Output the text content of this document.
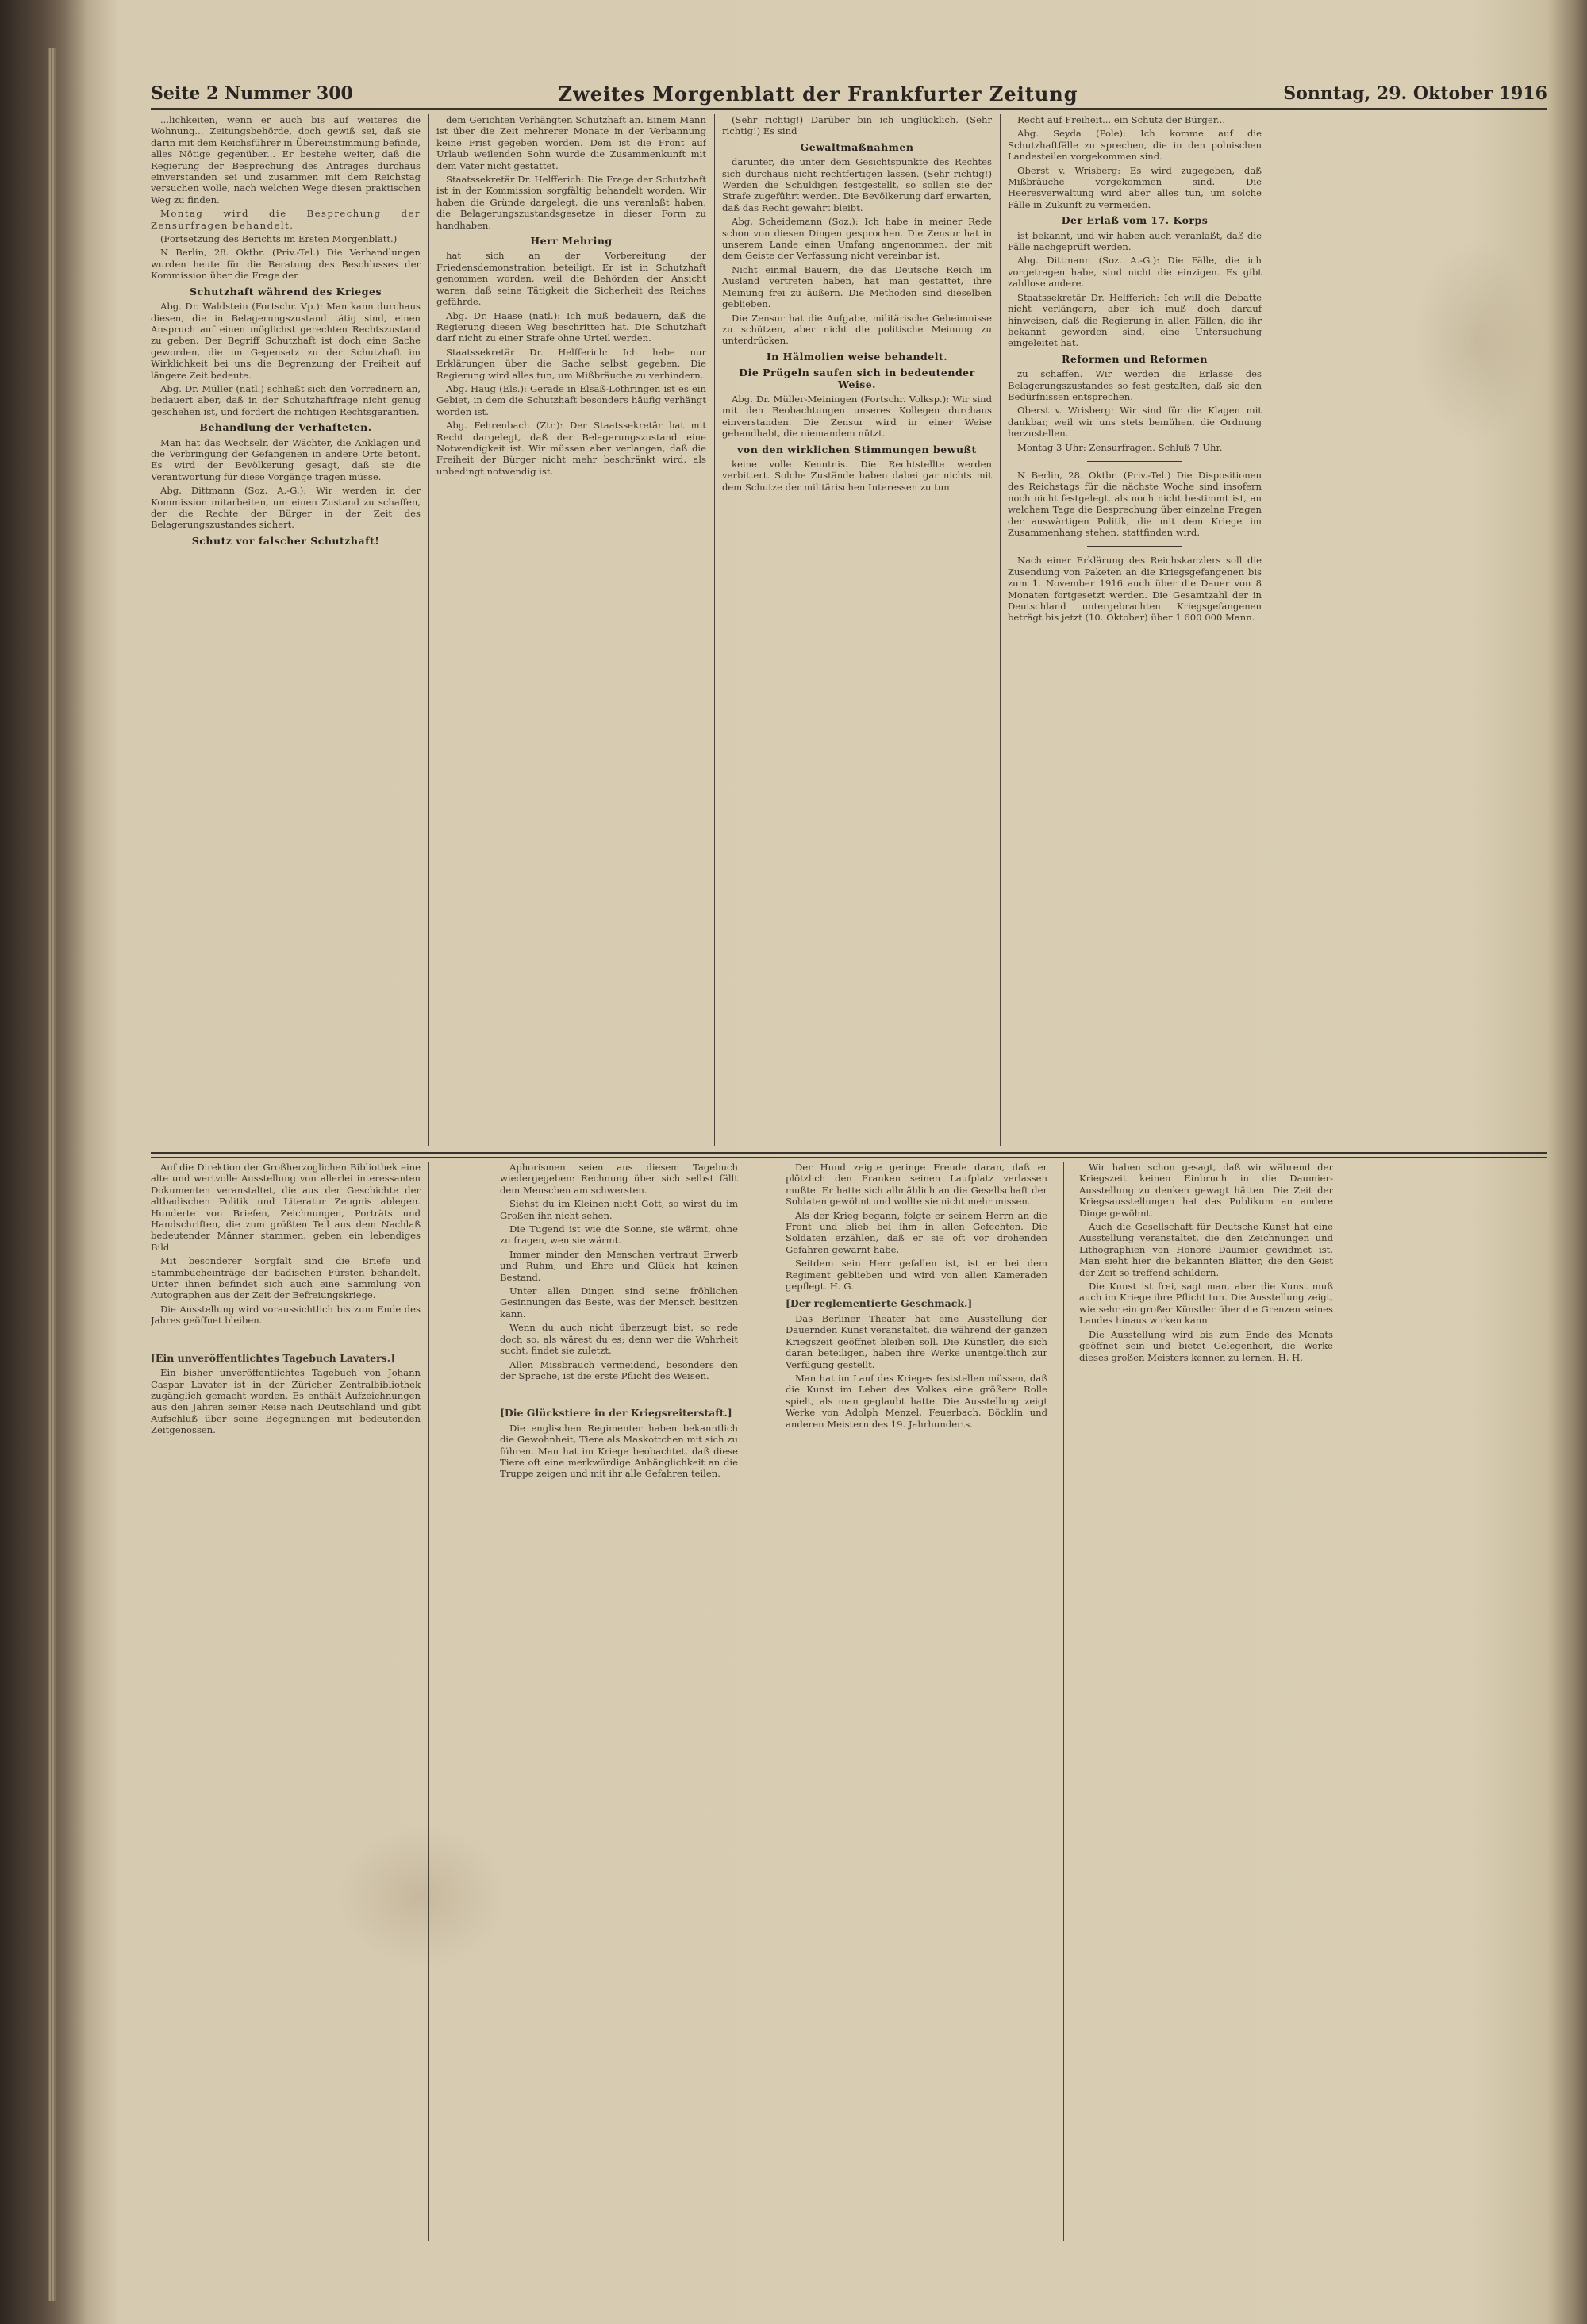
Seite 2 Nummer 300	Zweites Morgenblatt der Frankfurter Zeitung	Sonntag, 29. Oktober 1916

...lichkeiten, wenn er auch bis auf weiteres die Wohnung... Zeitungsbehörde, doch gewiß sei, daß sie darin mit dem Reichsführer in Übereinstimmung befinde, alles Nötige gegenüber... Er bestehe weiter, daß die Regierung der Besprechung des Antrages durchaus einverstanden sei und zusammen mit dem Reichstag versuchen wolle, nach welchen Wege diesen praktischen Weg zu finden.

Montag wird die Besprechung der Zensurfragen behandelt.

(Fortsetzung des Berichts im Ersten Morgenblatt.)

N Berlin, 28. Oktbr. (Priv.-Tel.) Die Verhandlungen wurden heute für die Beratung des Beschlusses der Kommission über die Frage der

Schutzhaft während des Krieges

Abg. Dr. Waldstein (Fortschr. Vp.): Man kann durchaus diesen, die in Belagerungszustand tätig sind, einen Anspruch auf einen möglichst gerechten Rechtszustand zu geben. Der Begriff Schutzhaft ist doch eine Sache geworden, die im Gegensatz zu der Schutzhaft im Wirklichkeit bei uns die Begrenzung der Freiheit auf längere Zeit bedeute.

Abg. Dr. Müller (natl.) schließt sich den Vorrednern an, bedauert aber, daß in der Schutzhaftfrage nicht genug geschehen ist, und fordert die richtigen Rechtsgarantien.

Behandlung der Verhafteten.

Man hat das Wechseln der Wächter, die Anklagen und die Verbringung der Gefangenen in andere Orte betont. Es wird der Bevölkerung gesagt, daß sie die Verantwortung für diese Vorgänge tragen müsse.

Abg. Dittmann (Soz. A.-G.): Wir werden in der Kommission mitarbeiten, um einen Zustand zu schaffen, der die Rechte der Bürger in der Zeit des Belagerungszustandes sichert.

Schutz vor falscher Schutzhaft!

dem Gerichten Verhängten Schutzhaft an. Einem Mann ist über die Zeit mehrerer Monate in der Verbannung keine Frist gegeben worden. Dem ist die Front auf Urlaub weilenden Sohn wurde die Zusammenkunft mit dem Vater nicht gestattet.

Staatssekretär Dr. Helfferich: Die Frage der Schutzhaft ist in der Kommission sorgfältig behandelt worden. Wir haben die Gründe dargelegt, die uns veranlaßt haben, die Belagerungszustandsgesetze in dieser Form zu handhaben.

Herr Mehring

hat sich an der Vorbereitung der Friedensdemonstration beteiligt. Er ist in Schutzhaft genommen worden, weil die Behörden der Ansicht waren, daß seine Tätigkeit die Sicherheit des Reiches gefährde.

Abg. Dr. Haase (natl.): Ich muß bedauern, daß die Regierung diesen Weg beschritten hat. Die Schutzhaft darf nicht zu einer Strafe ohne Urteil werden.

Staatssekretär Dr. Helfferich: Ich habe nur Erklärungen über die Sache selbst gegeben. Die Regierung wird alles tun, um Mißbräuche zu verhindern.

Abg. Haug (Els.): Gerade in Elsaß-Lothringen ist es ein Gebiet, in dem die Schutzhaft besonders häufig verhängt worden ist.

Abg. Fehrenbach (Ztr.): Der Staatssekretär hat mit Recht dargelegt, daß der Belagerungszustand eine Notwendigkeit ist. Wir müssen aber verlangen, daß die Freiheit der Bürger nicht mehr beschränkt wird, als unbedingt notwendig ist.

(Sehr richtig!) Darüber bin ich unglücklich. (Sehr richtig!) Es sind

Gewaltmaßnahmen

darunter, die unter dem Gesichtspunkte des Rechtes sich durchaus nicht rechtfertigen lassen. (Sehr richtig!) Werden die Schuldigen festgestellt, so sollen sie der Strafe zugeführt werden. Die Bevölkerung darf erwarten, daß das Recht gewahrt bleibt.

Abg. Scheidemann (Soz.): Ich habe in meiner Rede schon von diesen Dingen gesprochen. Die Zensur hat in unserem Lande einen Umfang angenommen, der mit dem Geiste der Verfassung nicht vereinbar ist.

Nicht einmal Bauern, die das Deutsche Reich im Ausland vertreten haben, hat man gestattet, ihre Meinung frei zu äußern. Die Methoden sind dieselben geblieben.

Die Zensur hat die Aufgabe, militärische Geheimnisse zu schützen, aber nicht die politische Meinung zu unterdrücken.

In Hälmolien weise behandelt.
Die Prügeln saufen sich in bedeutender Weise.

Abg. Dr. Müller-Meiningen (Fortschr. Volksp.): Wir sind mit den Beobachtungen unseres Kollegen durchaus einverstanden. Die Zensur wird in einer Weise gehandhabt, die niemandem nützt.

von den wirklichen Stimmungen bewußt

keine volle Kenntnis. Die Rechtstellte werden verbittert. Solche Zustände haben dabei gar nichts mit dem Schutze der militärischen Interessen zu tun.

Recht auf Freiheit... ein Schutz der Bürger...

Abg. Seyda (Pole): Ich komme auf die Schutzhaftfälle zu sprechen, die in den polnischen Landesteilen vorgekommen sind.

Oberst v. Wrisberg: Es wird zugegeben, daß Mißbräuche vorgekommen sind. Die Heeresverwaltung wird aber alles tun, um solche Fälle in Zukunft zu vermeiden.

Der Erlaß vom 17. Korps

ist bekannt, und wir haben auch veranlaßt, daß die Fälle nachgeprüft werden.

Abg. Dittmann (Soz. A.-G.): Die Fälle, die ich vorgetragen habe, sind nicht die einzigen. Es gibt zahllose andere.

Staatssekretär Dr. Helfferich: Ich will die Debatte nicht verlängern, aber ich muß doch darauf hinweisen, daß die Regierung in allen Fällen, die ihr bekannt geworden sind, eine Untersuchung eingeleitet hat.

Reformen und Reformen

zu schaffen. Wir werden die Erlasse des Belagerungszustandes so fest gestalten, daß sie den Bedürfnissen entsprechen.

Oberst v. Wrisberg: Wir sind für die Klagen mit dankbar, weil wir uns stets bemühen, die Ordnung herzustellen.

Montag 3 Uhr: Zensurfragen. Schluß 7 Uhr.

N Berlin, 28. Oktbr. (Priv.-Tel.) Die Dispositionen des Reichstags für die nächste Woche sind insofern noch nicht festgelegt, als noch nicht bestimmt ist, an welchem Tage die Besprechung über einzelne Fragen der auswärtigen Politik, die mit dem Kriege im Zusammenhang stehen, stattfinden wird.

Nach einer Erklärung des Reichskanzlers soll die Zusendung von Paketen an die Kriegsgefangenen bis zum 1. November 1916 auch über die Dauer von 8 Monaten fortgesetzt werden. Die Gesamtzahl der in Deutschland untergebrachten Kriegsgefangenen beträgt bis jetzt (10. Oktober) über 1 600 000 Mann.

Auf die Direktion der Großherzoglichen Bibliothek eine alte und wertvolle Ausstellung von allerlei interessanten Dokumenten veranstaltet, die aus der Geschichte der altbadischen Politik und Literatur Zeugnis ablegen. Hunderte von Briefen, Zeichnungen, Porträts und Handschriften, die zum größten Teil aus dem Nachlaß bedeutender Männer stammen, geben ein lebendiges Bild.

Mit besonderer Sorgfalt sind die Briefe und Stammbucheinträge der badischen Fürsten behandelt. Unter ihnen befindet sich auch eine Sammlung von Autographen aus der Zeit der Befreiungskriege.

Die Ausstellung wird voraussichtlich bis zum Ende des Jahres geöffnet bleiben.

[Ein unveröffentlichtes Tagebuch Lavaters.]

Ein bisher unveröffentlichtes Tagebuch von Johann Caspar Lavater ist in der Züricher Zentralbibliothek zugänglich gemacht worden. Es enthält Aufzeichnungen aus den Jahren seiner Reise nach Deutschland und gibt Aufschluß über seine Begegnungen mit bedeutenden Zeitgenossen.

Aphorismen seien aus diesem Tagebuch wiedergegeben: Rechnung über sich selbst fällt dem Menschen am schwersten.

Siehst du im Kleinen nicht Gott, so wirst du im Großen ihn nicht sehen.

Die Tugend ist wie die Sonne, sie wärmt, ohne zu fragen, wen sie wärmt.

Immer minder den Menschen vertraut Erwerb und Ruhm, und Ehre und Glück hat keinen Bestand.

Unter allen Dingen sind seine fröhlichen Gesinnungen das Beste, was der Mensch besitzen kann.

Wenn du auch nicht überzeugt bist, so rede doch so, als wärest du es; denn wer die Wahrheit sucht, findet sie zuletzt.

Allen Missbrauch vermeidend, besonders den der Sprache, ist die erste Pflicht des Weisen.

[Die Glückstiere in der Kriegsreiterstaft.]

Die englischen Regimenter haben bekanntlich die Gewohnheit, Tiere als Maskottchen mit sich zu führen. Man hat im Kriege beobachtet, daß diese Tiere oft eine merkwürdige Anhänglichkeit an die Truppe zeigen und mit ihr alle Gefahren teilen.

Der Hund zeigte geringe Freude daran, daß er plötzlich den Franken seinen Laufplatz verlassen mußte. Er hatte sich allmählich an die Gesellschaft der Soldaten gewöhnt und wollte sie nicht mehr missen.

Als der Krieg begann, folgte er seinem Herrn an die Front und blieb bei ihm in allen Gefechten. Die Soldaten erzählen, daß er sie oft vor drohenden Gefahren gewarnt habe.

Seitdem sein Herr gefallen ist, ist er bei dem Regiment geblieben und wird von allen Kameraden gepflegt. H. G.

[Der reglementierte Geschmack.]

Das Berliner Theater hat eine Ausstellung der Dauernden Kunst veranstaltet, die während der ganzen Kriegszeit geöffnet bleiben soll. Die Künstler, die sich daran beteiligen, haben ihre Werke unentgeltlich zur Verfügung gestellt.

Man hat im Lauf des Krieges feststellen müssen, daß die Kunst im Leben des Volkes eine größere Rolle spielt, als man geglaubt hatte. Die Ausstellung zeigt Werke von Adolph Menzel, Feuerbach, Böcklin und anderen Meistern des 19. Jahrhunderts.

Wir haben schon gesagt, daß wir während der Kriegszeit keinen Einbruch in die Daumier-Ausstellung zu denken gewagt hätten. Die Zeit der Kriegsausstellungen hat das Publikum an andere Dinge gewöhnt.

Auch die Gesellschaft für Deutsche Kunst hat eine Ausstellung veranstaltet, die den Zeichnungen und Lithographien von Honoré Daumier gewidmet ist. Man sieht hier die bekannten Blätter, die den Geist der Zeit so treffend schildern.

Die Kunst ist frei, sagt man, aber die Kunst muß auch im Kriege ihre Pflicht tun. Die Ausstellung zeigt, wie sehr ein großer Künstler über die Grenzen seines Landes hinaus wirken kann.

Die Ausstellung wird bis zum Ende des Monats geöffnet sein und bietet Gelegenheit, die Werke dieses großen Meisters kennen zu lernen. H. H.
